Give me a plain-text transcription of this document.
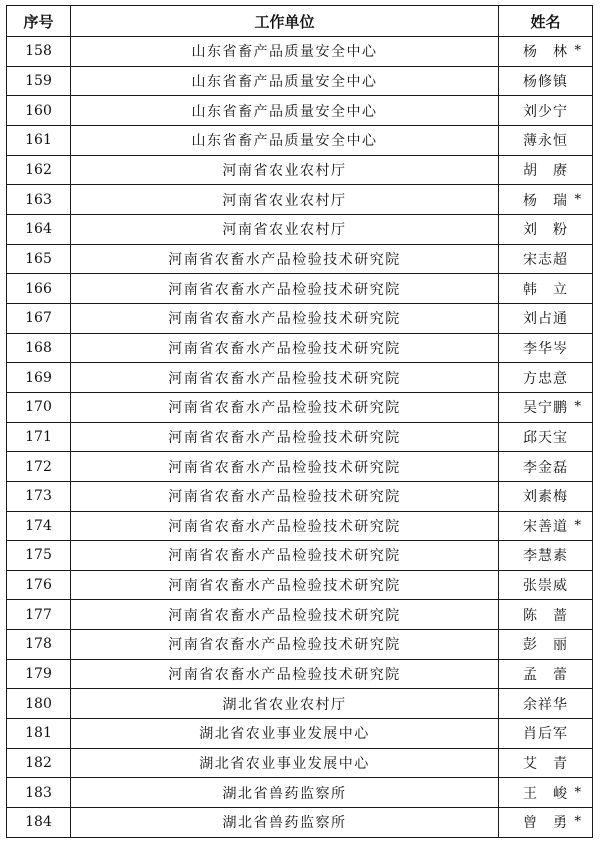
序号	工作单位	姓名
158	山东省畜产品质量安全中心	杨　林 *

159	山东省畜产品质量安全中心	杨修镇
160	山东省畜产品质量安全中心	刘少宁
161	山东省畜产品质量安全中心	薄永恒
162	河南省农业农村厅	胡　赓
163	河南省农业农村厅	杨　瑞 *

164	河南省农业农村厅	刘　粉
165	河南省农畜水产品检验技术研究院	宋志超
166	河南省农畜水产品检验技术研究院	韩　立
167	河南省农畜水产品检验技术研究院	刘占通
168	河南省农畜水产品检验技术研究院	李华岑
169	河南省农畜水产品检验技术研究院	方忠意
170	河南省农畜水产品检验技术研究院	吴宁鹏 *

171	河南省农畜水产品检验技术研究院	邱天宝
172	河南省农畜水产品检验技术研究院	李金磊
173	河南省农畜水产品检验技术研究院	刘素梅
174	河南省农畜水产品检验技术研究院	宋善道 *

175	河南省农畜水产品检验技术研究院	李慧素
176	河南省农畜水产品检验技术研究院	张崇威
177	河南省农畜水产品检验技术研究院	陈　蔷
178	河南省农畜水产品检验技术研究院	彭　丽
179	河南省农畜水产品检验技术研究院	孟　蕾
180	湖北省农业农村厅	余祥华
181	湖北省农业事业发展中心	肖后军
182	湖北省农业事业发展中心	艾　青
183	湖北省兽药监察所	王　峻 *

184	湖北省兽药监察所	曾　勇 *
